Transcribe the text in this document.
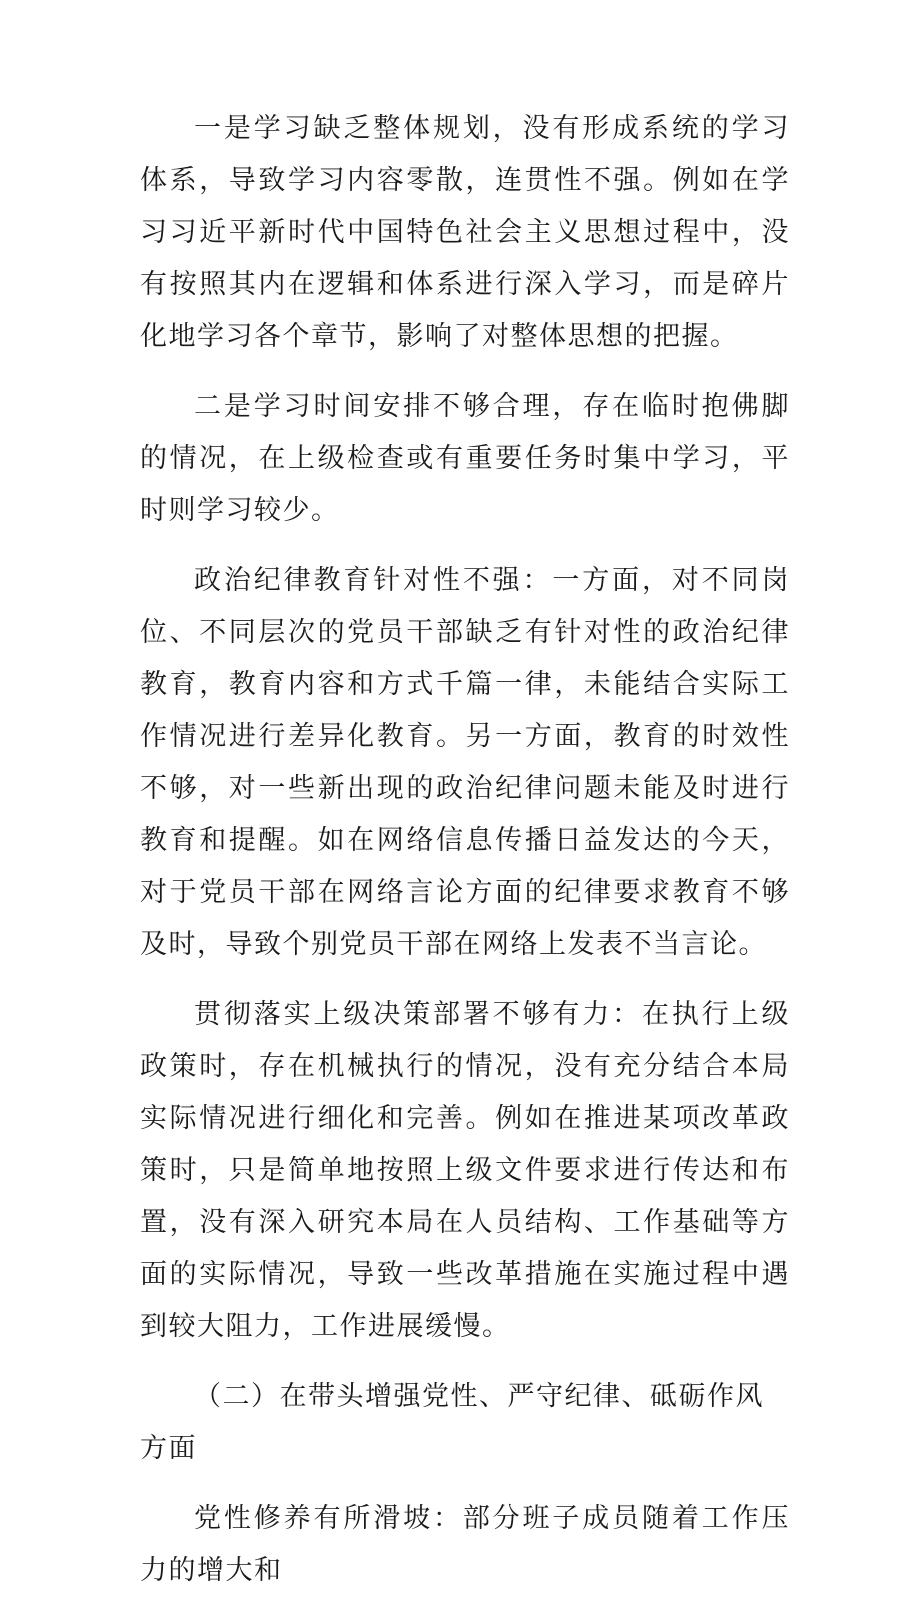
一是学习缺乏整体规划，没有形成系统的学习体系，导致学习内容零散，连贯性不强。例如在学习习近平新时代中国特色社会主义思想过程中，没有按照其内在逻辑和体系进行深入学习，而是碎片化地学习各个章节，影响了对整体思想的把握。

二是学习时间安排不够合理，存在临时抱佛脚的情况，在上级检查或有重要任务时集中学习，平时则学习较少。

政治纪律教育针对性不强：一方面，对不同岗位、不同层次的党员干部缺乏有针对性的政治纪律教育，教育内容和方式千篇一律，未能结合实际工作情况进行差异化教育。另一方面，教育的时效性不够，对一些新出现的政治纪律问题未能及时进行教育和提醒。如在网络信息传播日益发达的今天，对于党员干部在网络言论方面的纪律要求教育不够及时，导致个别党员干部在网络上发表不当言论。

贯彻落实上级决策部署不够有力：在执行上级政策时，存在机械执行的情况，没有充分结合本局实际情况进行细化和完善。例如在推进某项改革政策时，只是简单地按照上级文件要求进行传达和布置，没有深入研究本局在人员结构、工作基础等方面的实际情况，导致一些改革措施在实施过程中遇到较大阻力，工作进展缓慢。

（二）在带头增强党性、严守纪律、砥砺作风方面

党性修养有所滑坡：部分班子成员随着工作压力的增大和
